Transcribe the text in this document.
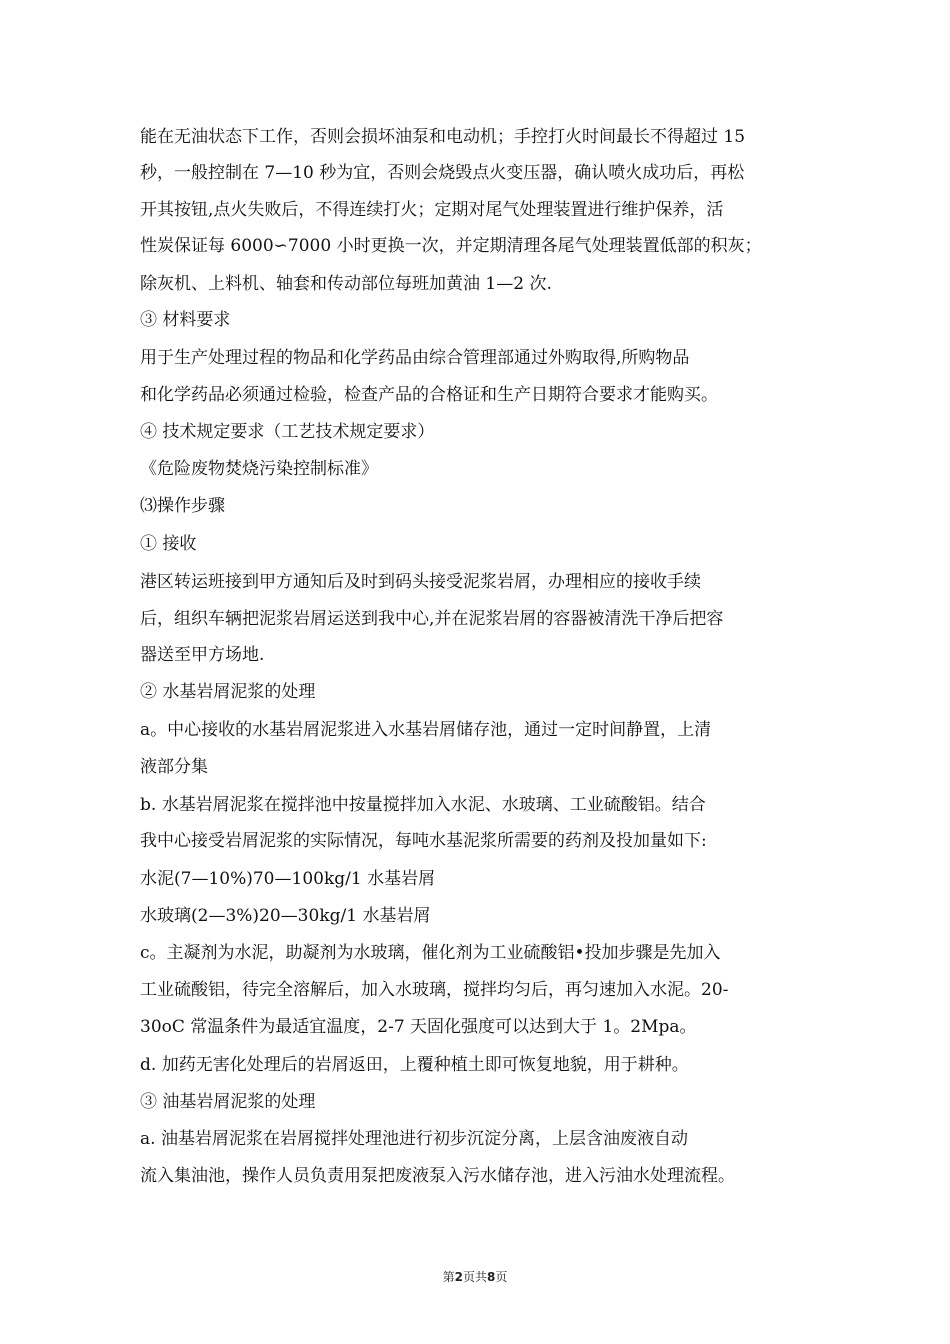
能在无油状态下工作，否则会损坏油泵和电动机；手控打火时间最长不得超过 15
秒，一般控制在 7—10 秒为宜，否则会烧毁点火变压器，确认喷火成功后，再松
开其按钮,点火失败后，不得连续打火；定期对尾气处理装置进行维护保养，活
性炭保证每 6000∽7000 小时更换一次，并定期清理各尾气处理装置低部的积灰；
除灰机、上料机、轴套和传动部位每班加黄油 1—2 次.
③ 材料要求
用于生产处理过程的物品和化学药品由综合管理部通过外购取得,所购物品
和化学药品必须通过检验，检查产品的合格证和生产日期符合要求才能购买。
④ 技术规定要求（工艺技术规定要求）
《危险废物焚烧污染控制标准》
⑶操作步骤
① 接收
港区转运班接到甲方通知后及时到码头接受泥浆岩屑，办理相应的接收手续
后，组织车辆把泥浆岩屑运送到我中心,并在泥浆岩屑的容器被清洗干净后把容
器送至甲方场地.
② 水基岩屑泥浆的处理
a。中心接收的水基岩屑泥浆进入水基岩屑储存池，通过一定时间静置，上清
液部分集
b. 水基岩屑泥浆在搅拌池中按量搅拌加入水泥、水玻璃、工业硫酸铝。结合
我中心接受岩屑泥浆的实际情况，每吨水基泥浆所需要的药剂及投加量如下:
水泥(7—10%)70—100kg/1 水基岩屑
水玻璃(2—3%)20—30kg/1 水基岩屑
c。主凝剂为水泥，助凝剂为水玻璃，催化剂为工业硫酸铝•投加步骤是先加入
工业硫酸铝，待完全溶解后，加入水玻璃，搅拌均匀后，再匀速加入水泥。20-
30oC 常温条件为最适宜温度，2-7 天固化强度可以达到大于 1。2Mpa。
d. 加药无害化处理后的岩屑返田，上覆种植土即可恢复地貌，用于耕种。
③ 油基岩屑泥浆的处理
a. 油基岩屑泥浆在岩屑搅拌处理池进行初步沉淀分离，上层含油废液自动
流入集油池，操作人员负责用泵把废液泵入污水储存池，进入污油水处理流程。
第2页共8页
